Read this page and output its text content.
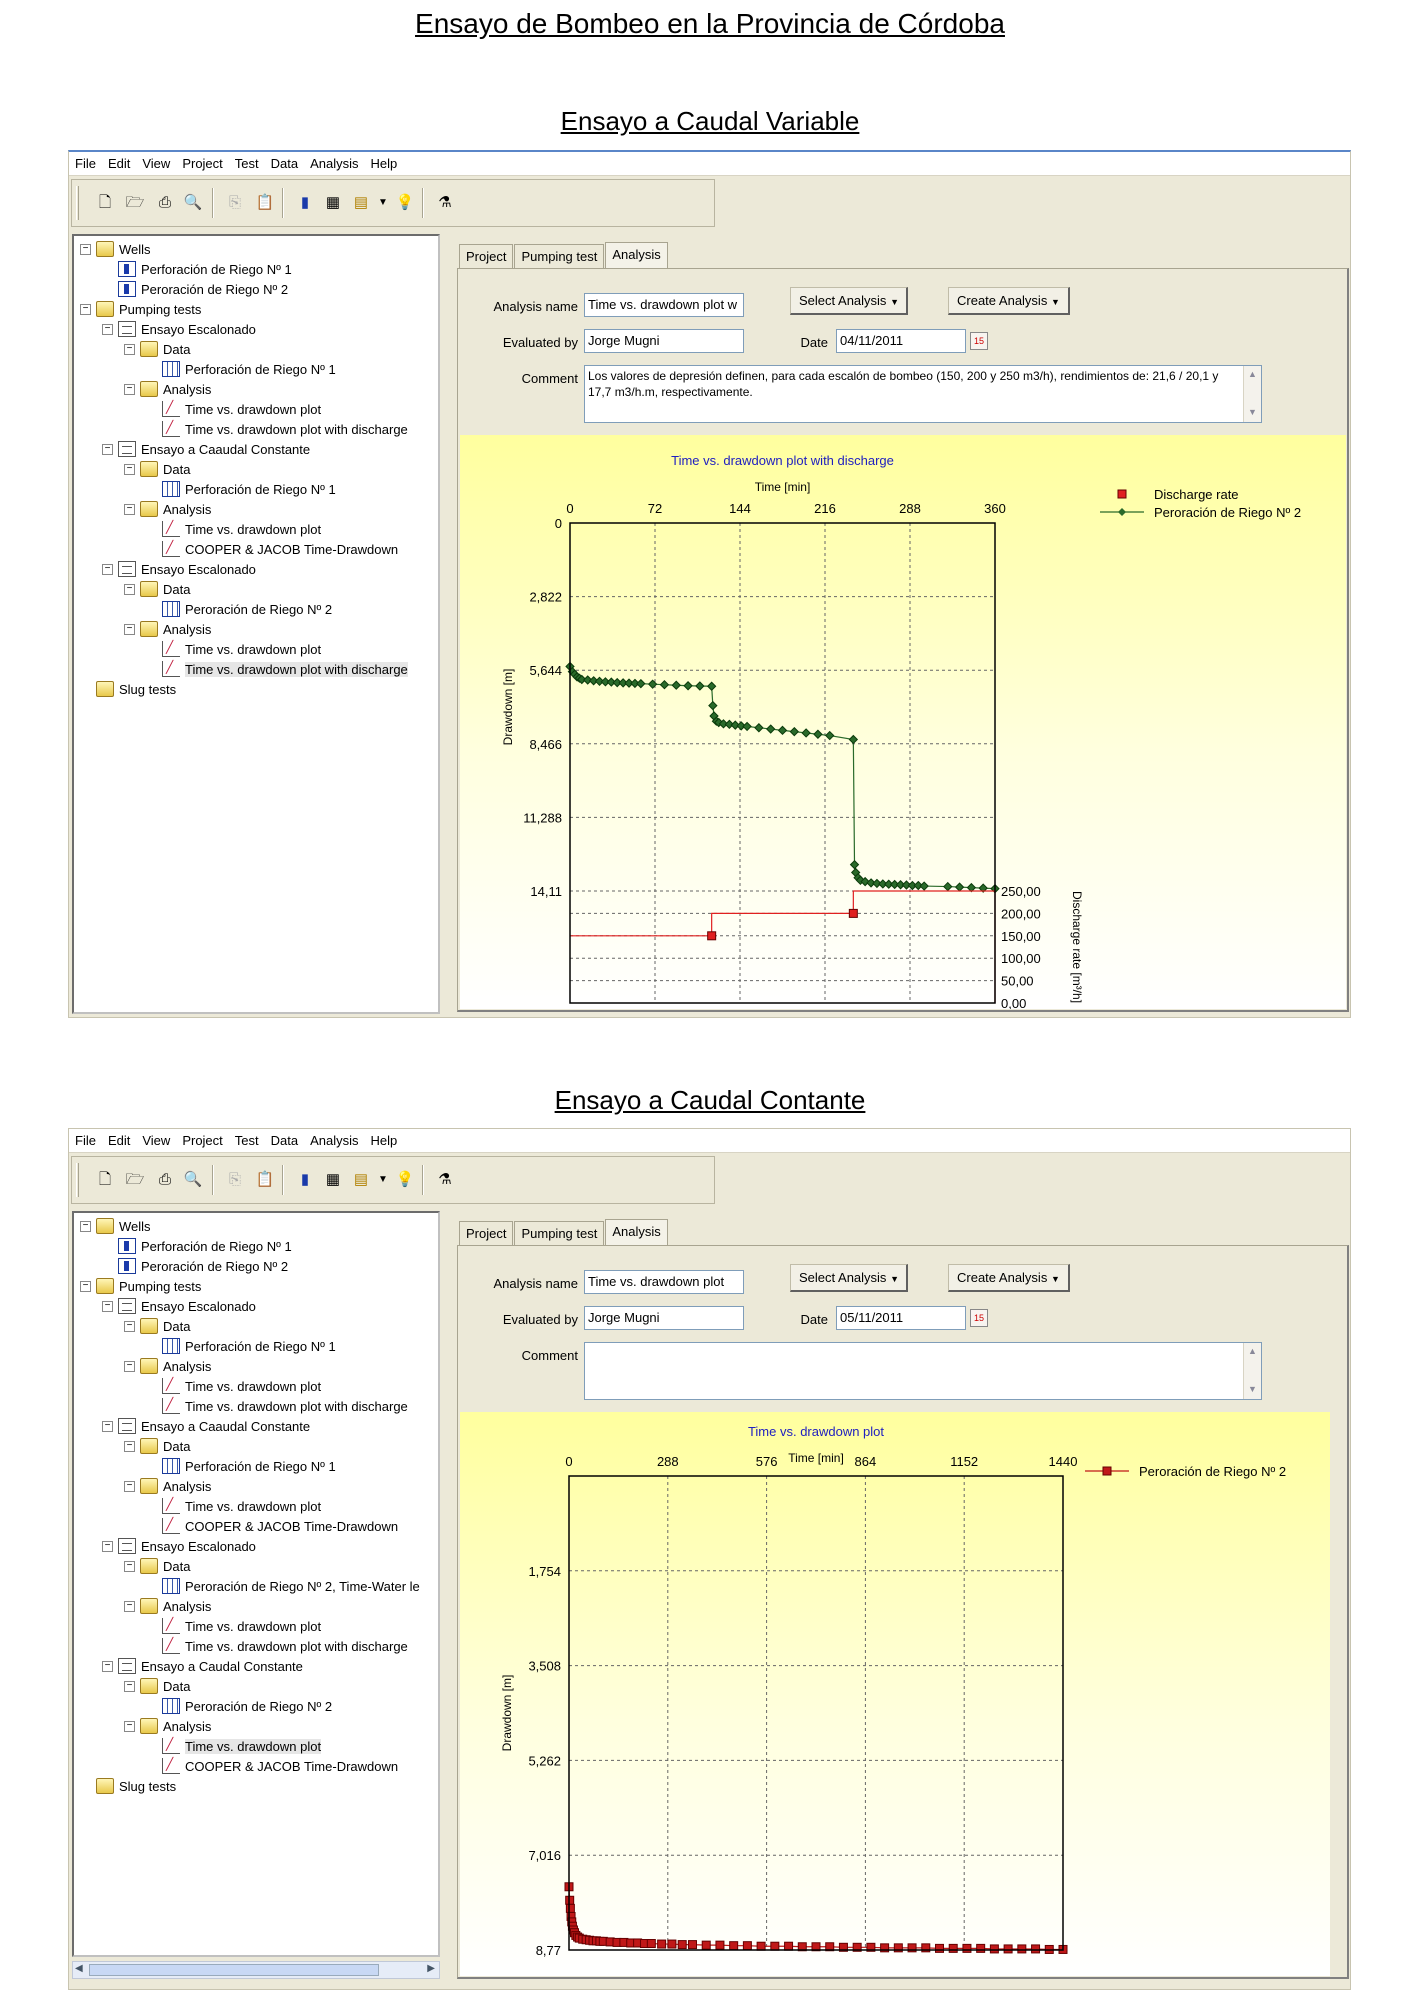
Ensayo de Bombeo en la Provincia de Córdoba
Ensayo a Caudal Variable
Ensayo a Caudal Contante
File Edit View Project Test Data Analysis Help
🗋 🗁 ⎙ 🔍	⎘ 📋	▮	▦ ▤ ▼ 💡 ⚗
− Wells
Perforación de Riego Nº 1
Peroración de Riego Nº 2
− Pumping tests
− Ensayo Escalonado
− Data
Perforación de Riego Nº 1
− Analysis
╱
Time vs. drawdown plot
╱
Time vs. drawdown plot with discharge
− Ensayo a Caaudal Constante
− Data
Perforación de Riego Nº 1
− Analysis
╱
Time vs. drawdown plot
╱
COOPER & JACOB Time-Drawdown
− Ensayo Escalonado
− Data
Peroración de Riego Nº 2
− Analysis
╱
Time vs. drawdown plot
╱
Time vs. drawdown plot with discharge
Slug tests
Project	Pumping test	Analysis
Analysis name Time vs. drawdown plot w
Evaluated by Jorge Mugni
Comment Los valores de depresión definen, para cada escalón de bombeo (150, 200 y 250 m3/h), rendimientos de: 21,6 / 20,1 y 17,7 m3/h.m, respectivamente.
▲
▼
Select Analysis ▼	Create Analysis ▼
Date 04/11/2011	15
Time vs. drawdown plot with discharge
Time [min]
0	72	144	216	288	360
0
2,822
5,644
8,466
11,288
14,11
Drawdown [m]
0,00
50,00
100,00
150,00
200,00
250,00 Discharge rate [m³/h]
Discharge rate
Peroración de Riego Nº 2
File Edit View Project Test Data Analysis Help
🗋 🗁 ⎙ 🔍	⎘ 📋	▮	▦ ▤ ▼ 💡 ⚗
− Wells
Perforación de Riego Nº 1
Peroración de Riego Nº 2
− Pumping tests
− Ensayo Escalonado
− Data
Perforación de Riego Nº 1
− Analysis
╱
Time vs. drawdown plot
╱
Time vs. drawdown plot with discharge
− Ensayo a Caaudal Constante
− Data
Perforación de Riego Nº 1
− Analysis
╱
Time vs. drawdown plot
╱
COOPER & JACOB Time-Drawdown
− Ensayo Escalonado
− Data
Peroración de Riego Nº 2, Time-Water le
− Analysis
╱
Time vs. drawdown plot
╱
Time vs. drawdown plot with discharge
− Ensayo a Caudal Constante
− Data
Peroración de Riego Nº 2
− Analysis
╱
Time vs. drawdown plot
╱
COOPER & JACOB Time-Drawdown
Slug tests
◀	▶
Project	Pumping test	Analysis
Analysis name Time vs. drawdown plot
Evaluated by Jorge Mugni
Comment	▲
▼
Select Analysis ▼	Create Analysis ▼
Date 05/11/2011	15
Time vs. drawdown plot
Time [min]
0	288	576	864	1152	1440
1,754
3,508
5,262
7,016
8,77
Drawdown [m]
Peroración de Riego Nº 2
